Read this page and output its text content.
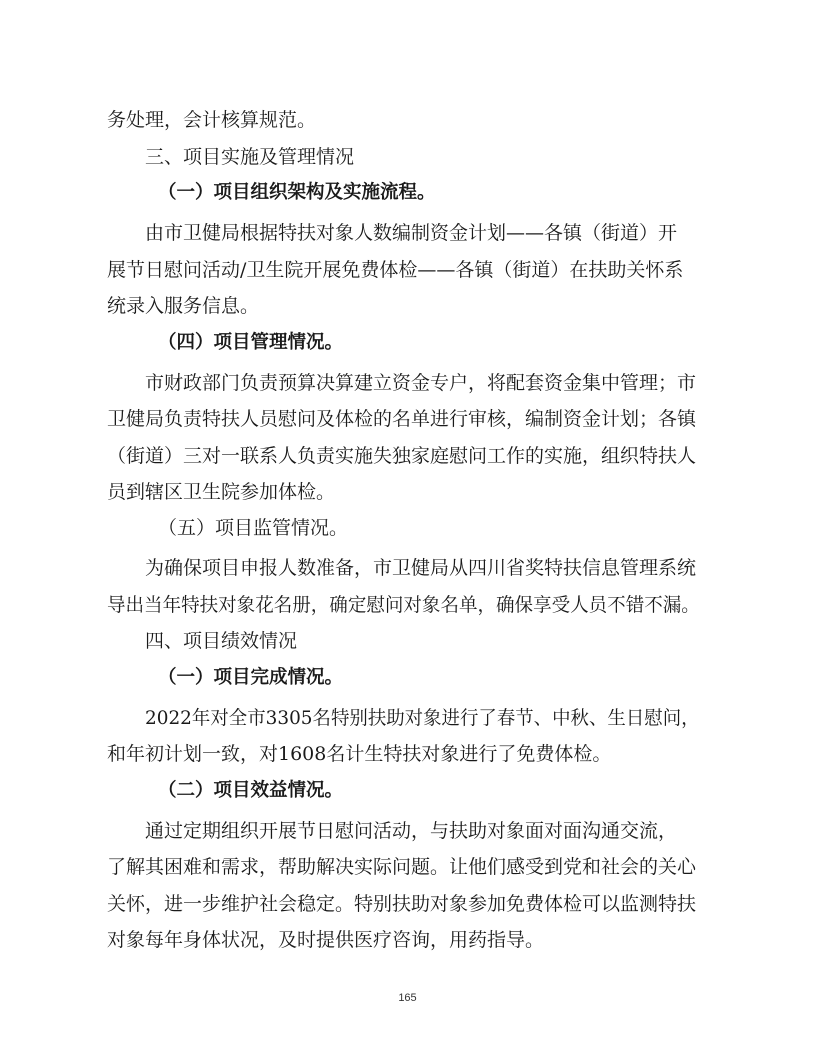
务处理，会计核算规范。
三、项目实施及管理情况
（一）项目组织架构及实施流程。
由市卫健局根据特扶对象人数编制资金计划——各镇（街道）开
展节日慰问活动/卫生院开展免费体检——各镇（街道）在扶助关怀系
统录入服务信息。
（四）项目管理情况。
市财政部门负责预算决算建立资金专户，将配套资金集中管理；市
卫健局负责特扶人员慰问及体检的名单进行审核，编制资金计划；各镇
（街道）三对一联系人负责实施失独家庭慰问工作的实施，组织特扶人
员到辖区卫生院参加体检。
（五）项目监管情况。
为确保项目申报人数准备，市卫健局从四川省奖特扶信息管理系统
导出当年特扶对象花名册，确定慰问对象名单，确保享受人员不错不漏。
四、项目绩效情况
（一）项目完成情况。
2022年对全市3305名特别扶助对象进行了春节、中秋、生日慰问，
和年初计划一致，对1608名计生特扶对象进行了免费体检。
（二）项目效益情况。
通过定期组织开展节日慰问活动，与扶助对象面对面沟通交流，
了解其困难和需求，帮助解决实际问题。让他们感受到党和社会的关心
关怀，进一步维护社会稳定。特别扶助对象参加免费体检可以监测特扶
对象每年身体状况，及时提供医疗咨询，用药指导。
165
